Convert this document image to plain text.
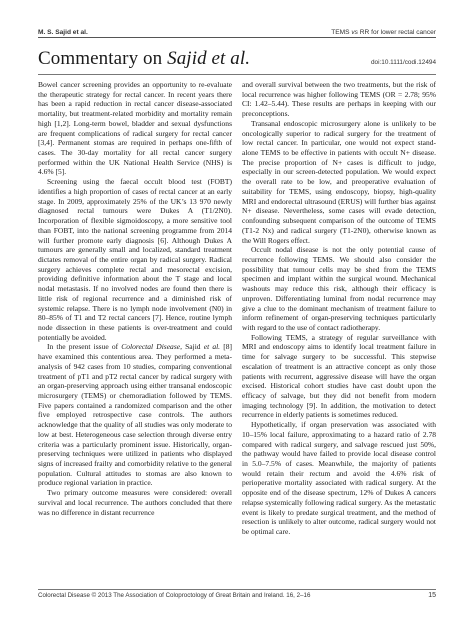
M. S. Sajid et al.	TEMS vs RR for lower rectal cancer
Commentary on Sajid et al.	doi:10.1111/codi.12494

Bowel cancer screening provides an opportunity to re-evaluate the therapeutic strategy for rectal cancer. In recent years there has been a rapid reduction in rectal cancer disease-associated mortality, but treatment-related morbidity and mortality remain high [1,2]. Long-term bowel, bladder and sexual dysfunctions are frequent complications of radical surgery for rectal cancer [3,4]. Permanent stomas are required in perhaps one-fifth of cases. The 30-day mortality for all rectal cancer surgery performed within the UK National Health Service (NHS) is 4.6% [5].

Screening using the faecal occult blood test (FOBT) identifies a high proportion of cases of rectal cancer at an early stage. In 2009, approximately 25% of the UK’s 13 970 newly diagnosed rectal tumours were Dukes A (T1/2N0). Incorporation of flexible sigmoidoscopy, a more sensitive tool than FOBT, into the national screening programme from 2014 will further promote early diagnosis [6]. Although Dukes A tumours are generally small and localized, standard treatment dictates removal of the entire organ by radical surgery. Radical surgery achieves complete rectal and mesorectal excision, providing definitive information about the T stage and local nodal metastasis. If no involved nodes are found then there is little risk of regional recurrence and a diminished risk of systemic relapse. There is no lymph node involvement (N0) in 80–85% of T1 and T2 rectal cancers [7]. Hence, routine lymph node dissection in these patients is over-treatment and could potentially be avoided.

In the present issue of Colorectal Disease, Sajid et al. [8] have examined this contentious area. They performed a meta-analysis of 942 cases from 10 studies, comparing conventional treatment of pT1 and pT2 rectal cancer by radical surgery with an organ-preserving approach using either transanal endoscopic microsurgery (TEMS) or chemoradiation followed by TEMS. Five papers contained a randomized comparison and the other five employed retrospective case controls. The authors acknowledge that the quality of all studies was only moderate to low at best. Heterogeneous case selection through diverse entry criteria was a particularly prominent issue. Historically, organ-preserving techniques were utilized in patients who displayed signs of increased frailty and comorbidity relative to the general population. Cultural attitudes to stomas are also known to produce regional variation in practice.

Two primary outcome measures were considered: overall survival and local recurrence. The authors concluded that there was no difference in distant recurrence

and overall survival between the two treatments, but the risk of local recurrence was higher following TEMS (OR = 2.78; 95% CI: 1.42–5.44). These results are perhaps in keeping with our preconceptions.

Transanal endoscopic microsurgery alone is unlikely to be oncologically superior to radical surgery for the treatment of low rectal cancer. In particular, one would not expect stand-alone TEMS to be effective in patients with occult N+ disease. The precise proportion of N+ cases is difficult to judge, especially in our screen-detected population. We would expect the overall rate to be low, and preoperative evaluation of suitability for TEMS, using endoscopy, biopsy, high-quality MRI and endorectal ultrasound (ERUS) will further bias against N+ disease. Nevertheless, some cases will evade detection, confounding subsequent comparison of the outcome of TEMS (T1-2 Nx) and radical surgery (T1-2N0), otherwise known as the Will Rogers effect.

Occult nodal disease is not the only potential cause of recurrence following TEMS. We should also consider the possibility that tumour cells may be shed from the TEMS specimen and implant within the surgical wound. Mechanical washouts may reduce this risk, although their efficacy is unproven. Differentiating luminal from nodal recurrence may give a clue to the dominant mechanism of treatment failure to inform refinement of organ-preserving techniques particularly with regard to the use of contact radiotherapy.

Following TEMS, a strategy of regular surveillance with MRI and endoscopy aims to identify local treatment failure in time for salvage surgery to be successful. This stepwise escalation of treatment is an attractive concept as only those patients with recurrent, aggressive disease will have the organ excised. Historical cohort studies have cast doubt upon the efficacy of salvage, but they did not benefit from modern imaging technology [9]. In addition, the motivation to detect recurrence in elderly patients is sometimes reduced.

Hypothetically, if organ preservation was associated with 10–15% local failure, approximating to a hazard ratio of 2.78 compared with radical surgery, and salvage rescued just 50%, the pathway would have failed to provide local disease control in 5.0–7.5% of cases. Meanwhile, the majority of patients would retain their rectum and avoid the 4.6% risk of perioperative mortality associated with radical surgery. At the opposite end of the disease spectrum, 12% of Dukes A cancers relapse systemically following radical surgery. As the metastatic event is likely to predate surgical treatment, and the method of resection is unlikely to alter outcome, radical surgery would not be optimal care.

Colorectal Disease © 2013 The Association of Coloproctology of Great Britain and Ireland. 16, 2–16	15
